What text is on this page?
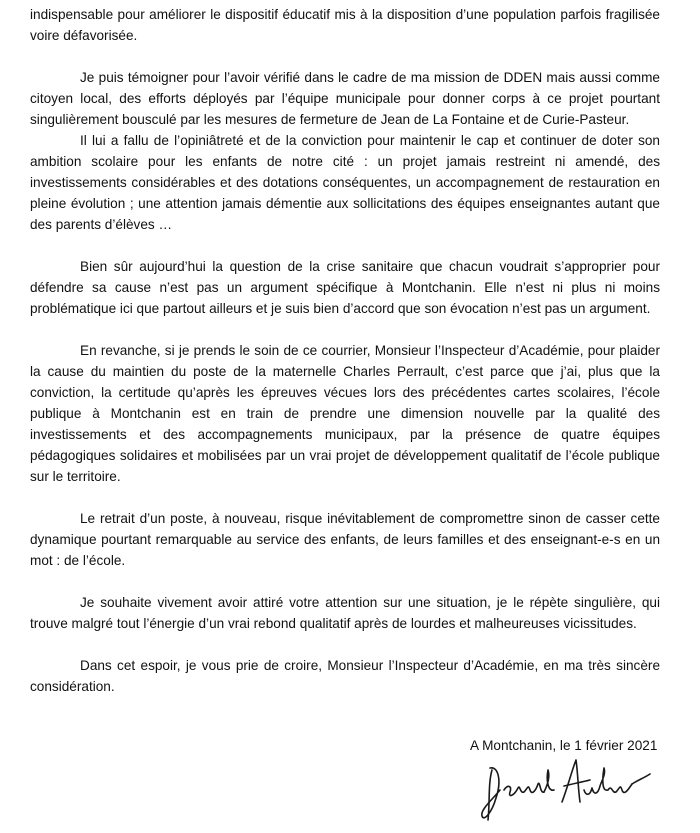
indispensable pour améliorer le dispositif éducatif mis à la disposition d’une population parfois fragilisée voire défavorisée.

Je puis témoigner pour l’avoir vérifié dans le cadre de ma mission de DDEN mais aussi comme citoyen local, des efforts déployés par l’équipe municipale pour donner corps à ce projet pourtant singulièrement bousculé par les mesures de fermeture de Jean de La Fontaine et de Curie-Pasteur.

Il lui a fallu de l’opiniâtreté et de la conviction pour maintenir le cap et continuer de doter son ambition scolaire pour les enfants de notre cité : un projet jamais restreint ni amendé, des investissements considérables et des dotations conséquentes, un accompagnement de restauration en pleine évolution ; une attention jamais démentie aux sollicitations des équipes enseignantes autant que des parents d’élèves …

Bien sûr aujourd’hui la question de la crise sanitaire que chacun voudrait s’approprier pour défendre sa cause n’est pas un argument spécifique à Montchanin. Elle n’est ni plus ni moins problématique ici que partout ailleurs et je suis bien d’accord que son évocation n’est pas un argument.

En revanche, si je prends le soin de ce courrier, Monsieur l’Inspecteur d’Académie, pour plaider la cause du maintien du poste de la maternelle Charles Perrault, c’est parce que j’ai, plus que la conviction, la certitude qu’après les épreuves vécues lors des précédentes cartes scolaires, l’école publique à Montchanin est en train de prendre une dimension nouvelle par la qualité des investissements et des accompagnements municipaux, par la présence de quatre équipes pédagogiques solidaires et mobilisées par un vrai projet de développement qualitatif de l’école publique sur le territoire.

Le retrait d’un poste, à nouveau, risque inévitablement de compromettre sinon de casser cette dynamique pourtant remarquable au service des enfants, de leurs familles et des enseignant-e-s en un mot : de l’école.

Je souhaite vivement avoir attiré votre attention sur une situation, je le répète singulière, qui trouve malgré tout l’énergie d’un vrai rebond qualitatif après de lourdes et malheureuses vicissitudes.

Dans cet espoir, je vous prie de croire, Monsieur l’Inspecteur d’Académie, en ma très sincère considération.

A Montchanin, le 1 février 2021
